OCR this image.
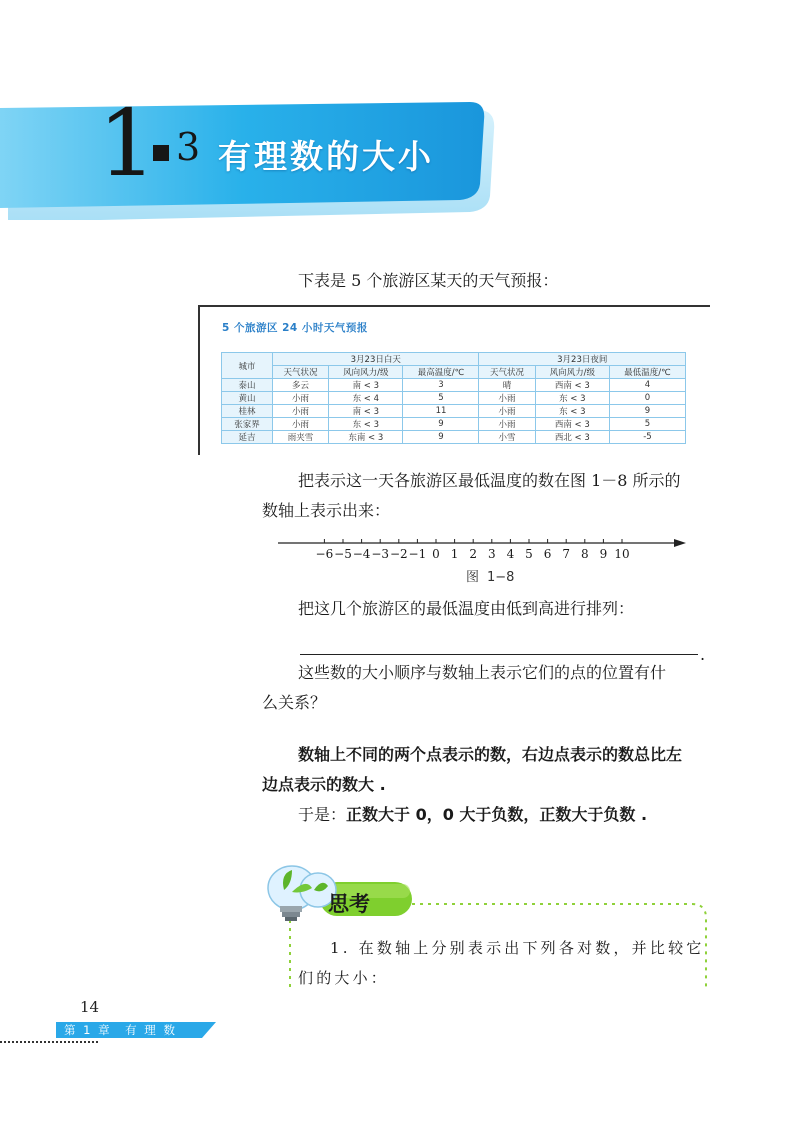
1 3 有理数的大小
下表是 5 个旅游区某天的天气预报：
5 个旅游区 24 小时天气预报
城市	3月23日白天			3月23日夜间		
	天气状况	风向风力/级	最高温度/℃	天气状况	风向风力/级	最低温度/℃
泰山	多云	南 < 3	3	晴	西南 < 3	4
黄山	小雨	东 < 4	5	小雨	东 < 3	0
桂林	小雨	南 < 3	11	小雨	东 < 3	9
张家界	小雨	东 < 3	9	小雨	西南 < 3	5
延吉	雨夹雪	东南 < 3	9	小雪	西北 < 3	-5
把表示这一天各旅游区最低温度的数在图 1－8 所示的
数轴上表示出来：
−6 −5 −4 −3 −2 −1 0 1 2 3 4 5 6 7 8 9 10
图 1−8
把这几个旅游区的最低温度由低到高进行排列：
.
这些数的大小顺序与数轴上表示它们的点的位置有什
么关系？
数轴上不同的两个点表示的数，右边点表示的数总比左
边点表示的数大 .
于是：正数大于 0，0 大于负数，正数大于负数 .
思考
1. 在数轴上分别表示出下列各对数，并比较它
们的大小：
14
第 1 章　有 理 数
